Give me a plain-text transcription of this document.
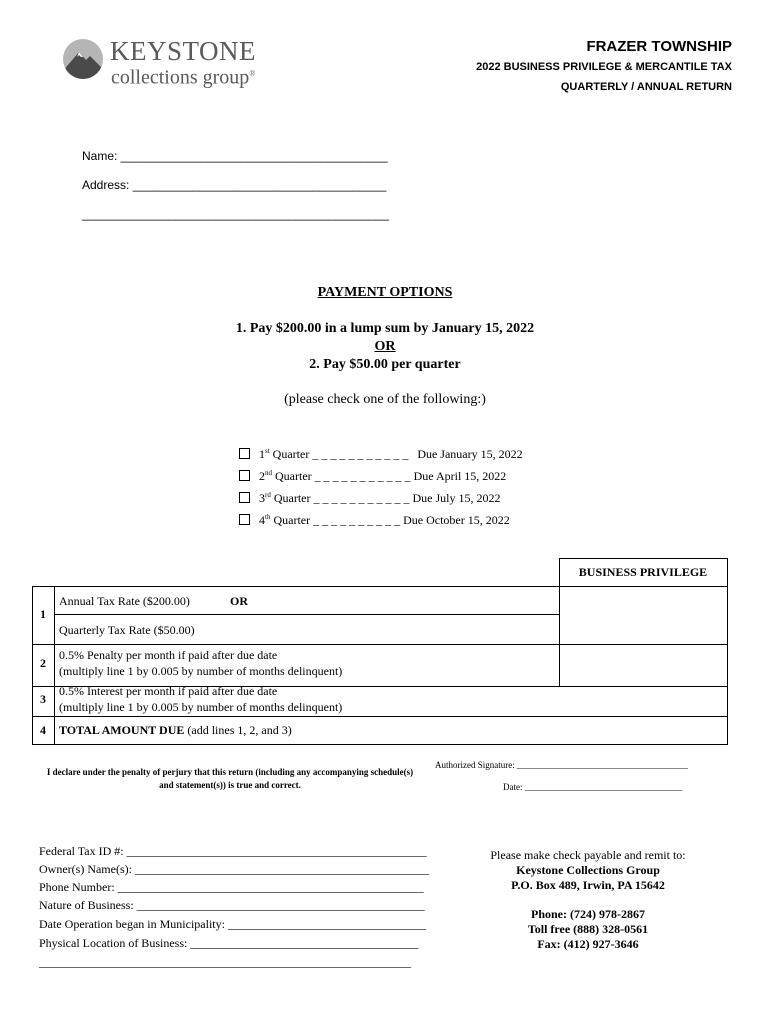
KEYSTONE
collections group®
FRAZER TOWNSHIP
2022 BUSINESS PRIVILEGE & MERCANTILE TAX
QUARTERLY / ANNUAL RETURN
Name: ________________________________________
Address: ______________________________________
______________________________________________
PAYMENT OPTIONS
1. Pay $200.00 in a lump sum by January 15, 2022
OR
2. Pay $50.00 per quarter
(please check one of the following:)

1st Quarter _ _ _ _ _ _ _ _ _ _ _   Due January 15, 2022

2nd Quarter _ _ _ _ _ _ _ _ _ _ _ Due April 15, 2022

3rd Quarter _ _ _ _ _ _ _ _ _ _ _ Due July 15, 2022

4th Quarter _ _ _ _ _ _ _ _ _ _ Due October 15, 2022

BUSINESS PRIVILEGE
1
Annual Tax Rate ($200.00)	OR
Quarterly Tax Rate ($50.00)
2
0.5% Penalty per month if paid after due date
(multiply line 1 by 0.005 by number of months delinquent)
3
0.5% Interest per month if paid after due date
(multiply line 1 by 0.005 by number of months delinquent)
4	TOTAL AMOUNT DUE (add lines 1, 2, and 3)
I declare under the penalty of perjury that this return (including any accompanying schedule(s) and statement(s)) is true and correct.
Authorized Signature: ______________________________________
Date: ___________________________________
Federal Tax ID #: __________________________________________________
Owner(s) Name(s): _________________________________________________
Phone Number: ___________________________________________________
Nature of Business: ________________________________________________
Date Operation began in Municipality: _________________________________
Physical Location of Business: ______________________________________
______________________________________________________________
Please make check payable and remit to:
Keystone Collections Group
P.O. Box 489, Irwin, PA 15642
Phone: (724) 978-2867
Toll free (888) 328-0561
Fax: (412) 927-3646
